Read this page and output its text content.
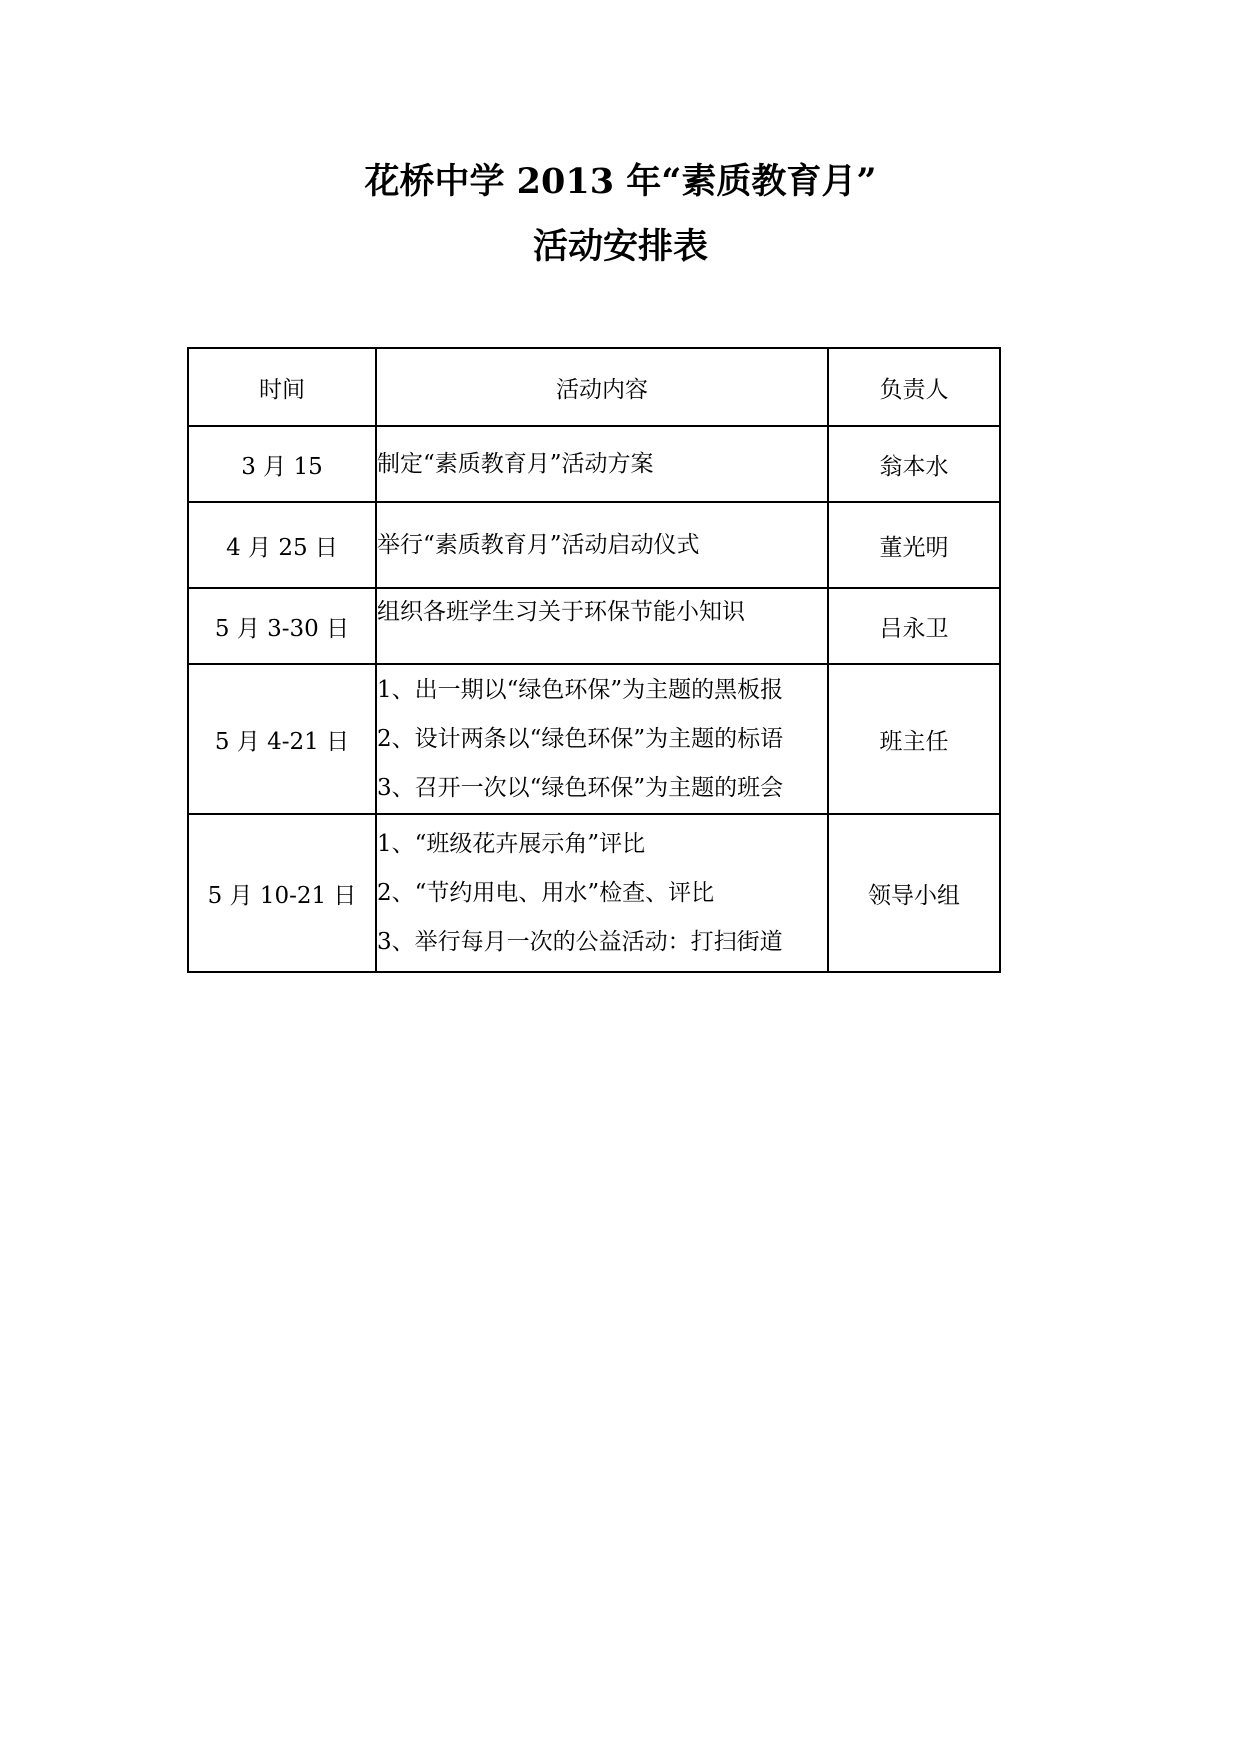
花桥中学 2013 年“素质教育月”
活动安排表
时间	活动内容	负责人
3 月 15	制定“素质教育月”活动方案	翁本水
4 月 25 日	举行“素质教育月”活动启动仪式	董光明
5 月 3-30 日	组织各班学生习关于环保节能小知识	吕永卫
5 月 4-21 日	1、出一期以“绿色环保”为主题的黑板报
2、设计两条以“绿色环保”为主题的标语
3、召开一次以“绿色环保”为主题的班会	班主任
5 月 10-21 日	1、“班级花卉展示角”评比
2、“节约用电、用水”检查、评比
3、举行每月一次的公益活动：打扫街道	领导小组
